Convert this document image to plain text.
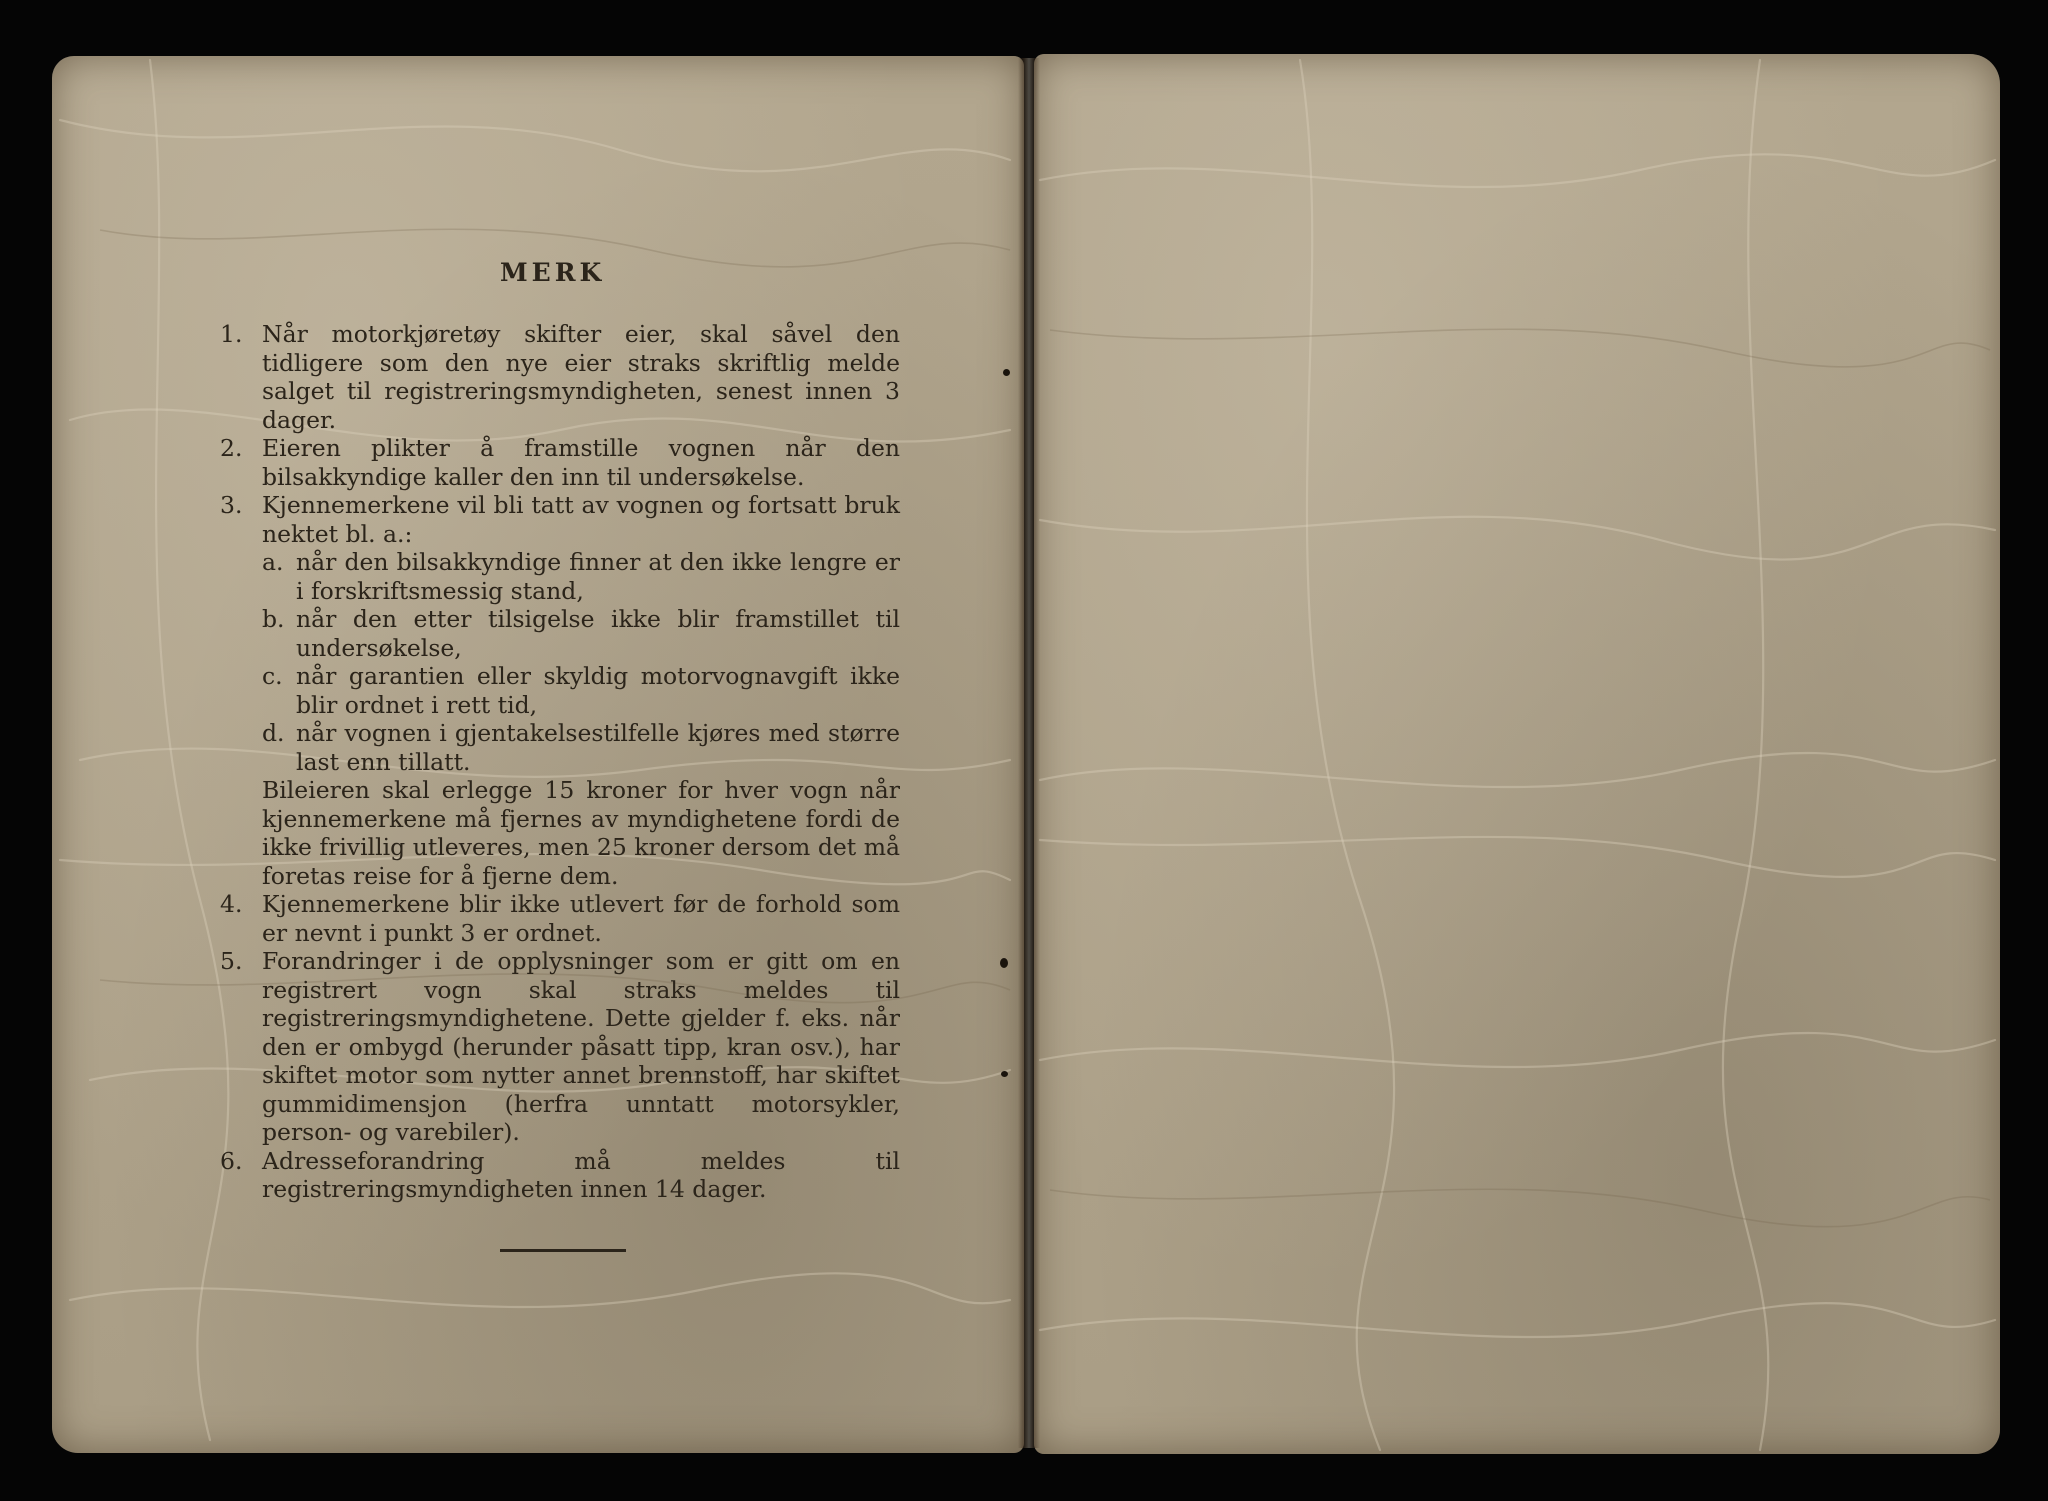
MERK
1. Når motorkjøretøy skifter eier, skal såvel den tidligere som den nye eier straks skriftlig melde salget til registreringsmyndigheten, senest innen 3 dager.
2. Eieren plikter å framstille vognen når den bilsakkyndige kaller den inn til undersøkelse.
3. Kjennemerkene vil bli tatt av vognen og fortsatt bruk nektet bl. a.:
a. når den bilsakkyndige finner at den ikke lengre er i forskriftsmessig stand,
b. når den etter tilsigelse ikke blir framstillet til undersøkelse,
c. når garantien eller skyldig motorvognavgift ikke blir ordnet i rett tid,
d. når vognen i gjentakelsestilfelle kjøres med større last enn tillatt.
Bileieren skal erlegge 15 kroner for hver vogn når kjennemerkene må fjernes av myndighetene fordi de ikke frivillig utleveres, men 25 kroner dersom det må foretas reise for å fjerne dem.
4. Kjennemerkene blir ikke utlevert før de forhold som er nevnt i punkt 3 er ordnet.
5. Forandringer i de opplysninger som er gitt om en registrert vogn skal straks meldes til registreringsmyndighetene. Dette gjelder f. eks. når den er ombygd (herunder påsatt tipp, kran osv.), har skiftet motor som nytter annet brennstoff, har skiftet gummidimensjon (herfra unntatt motorsykler, person- og varebiler).
6. Adresseforandring må meldes til registreringsmyndigheten innen 14 dager.
